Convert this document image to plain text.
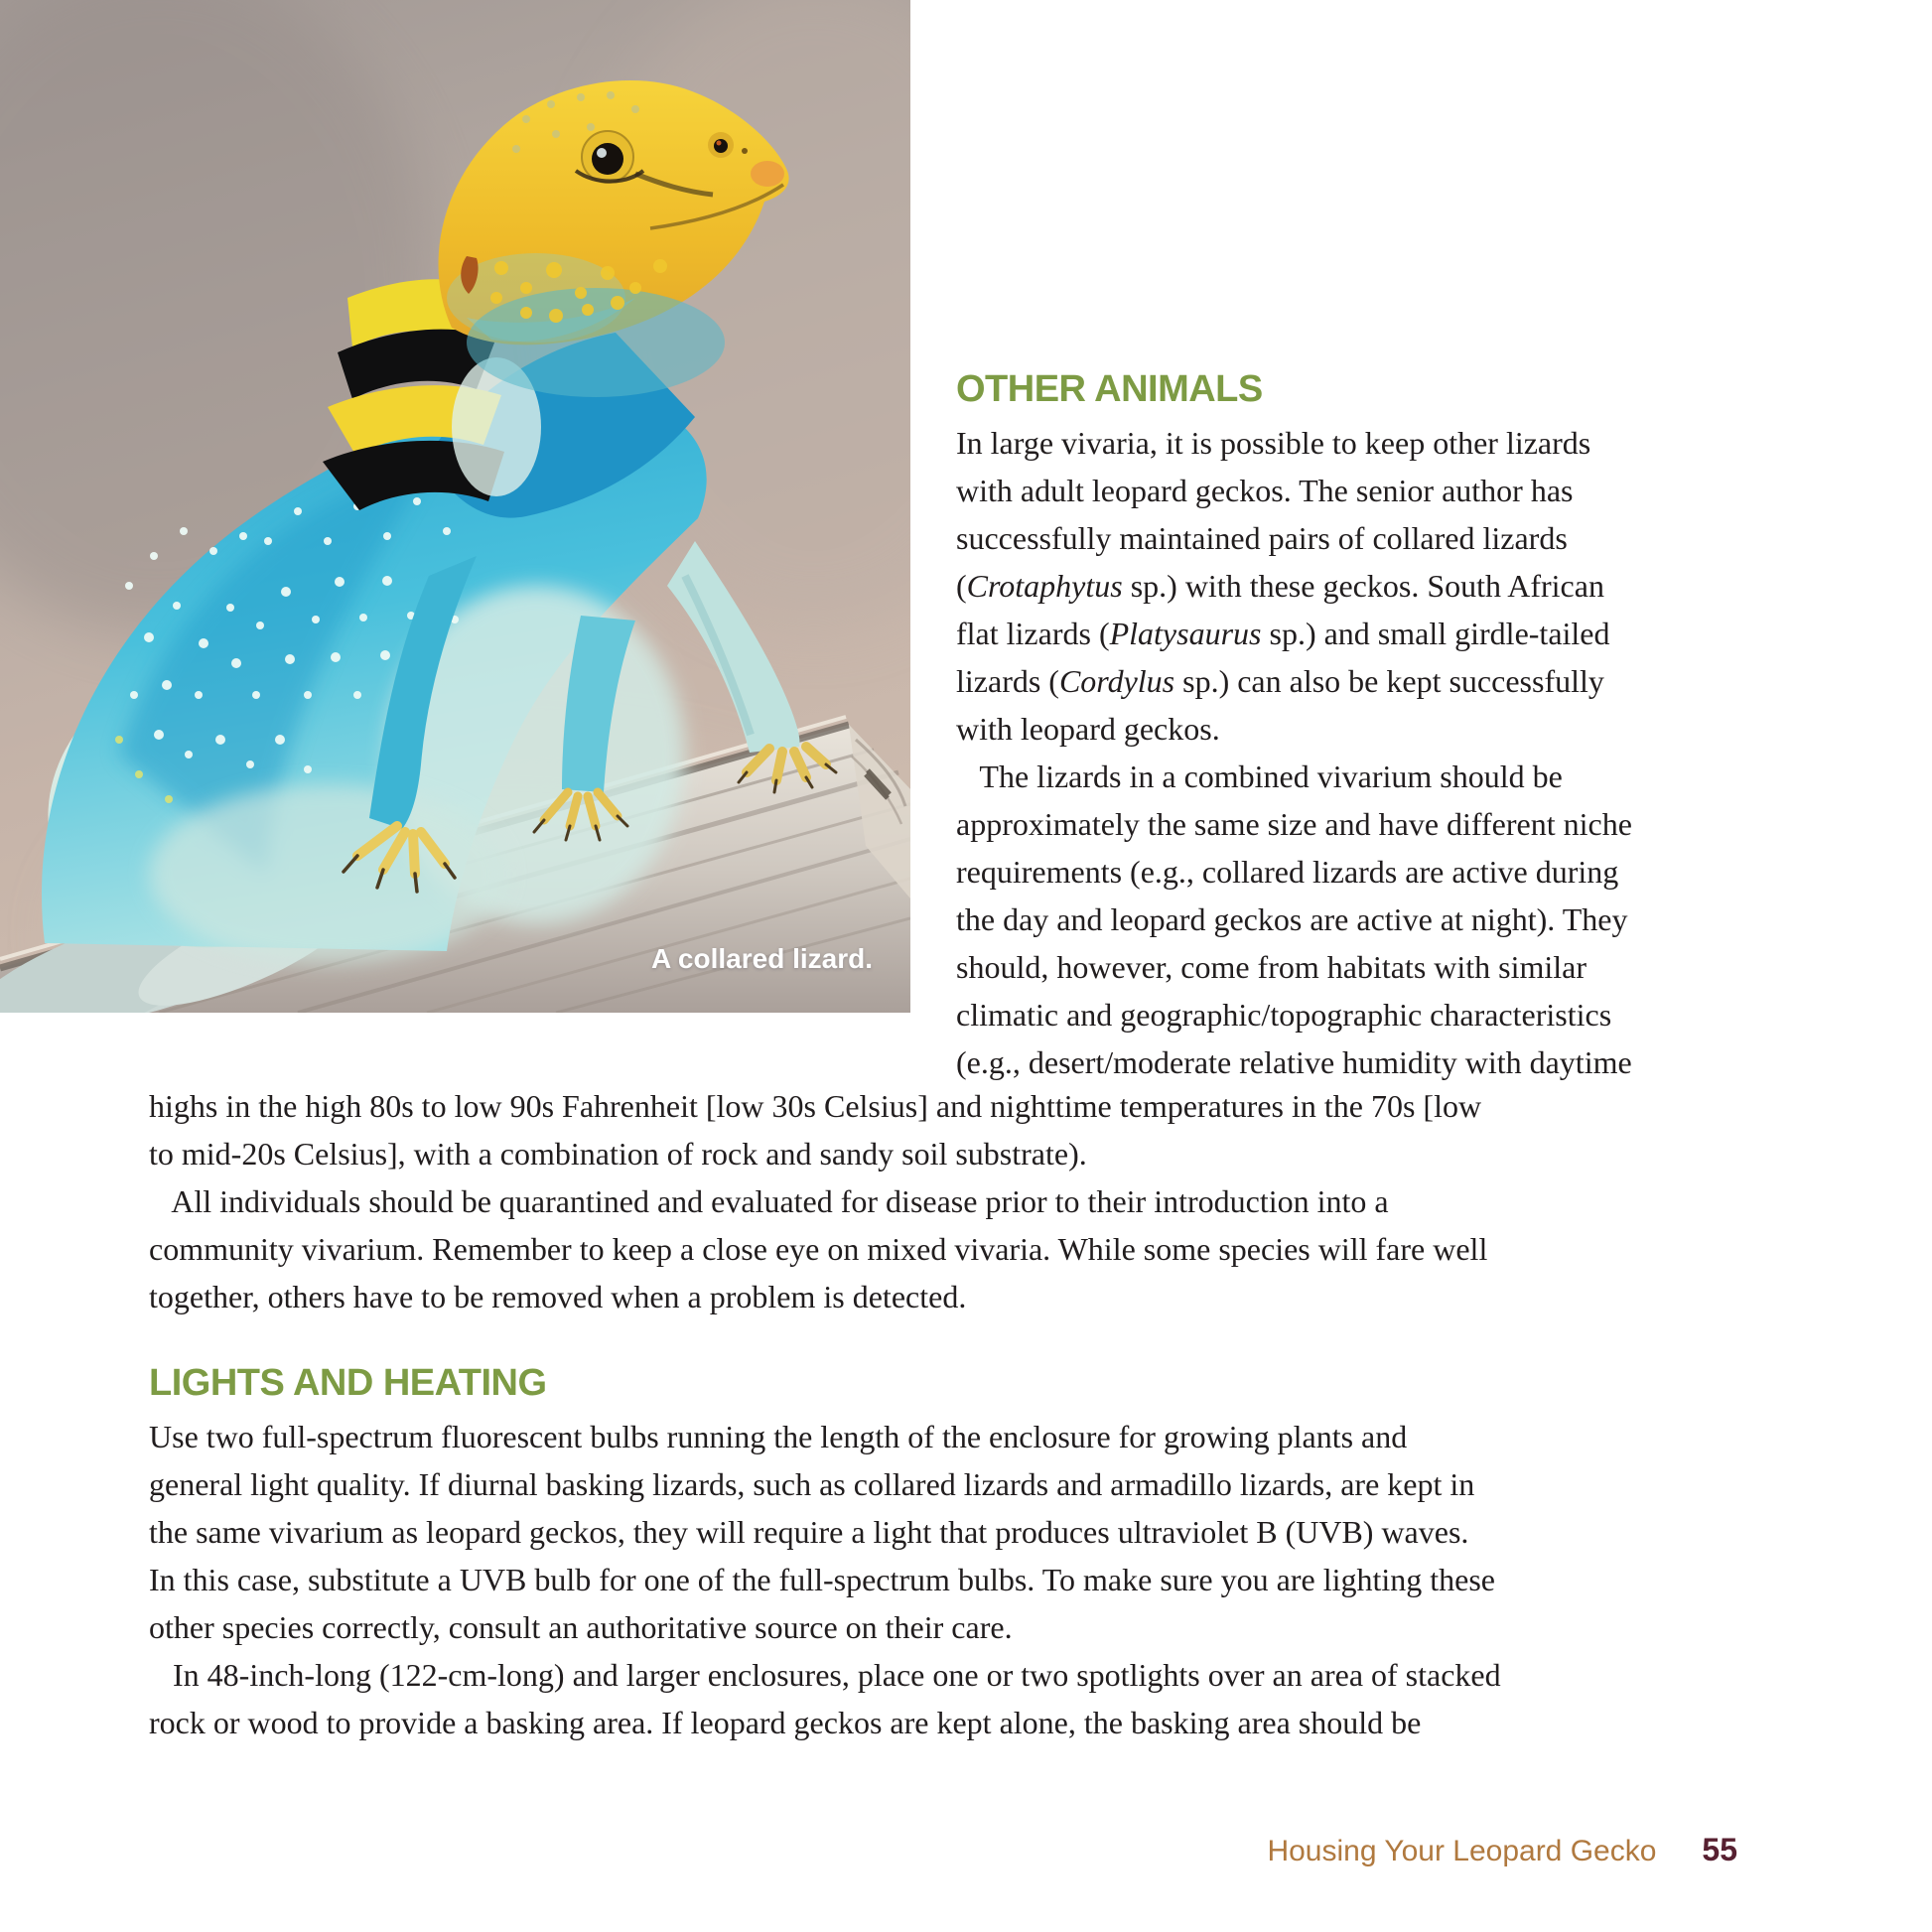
A collared lizard.
OTHER ANIMALS
In large vivaria, it is possible to keep other lizards
with adult leopard geckos. The senior author has
successfully maintained pairs of collared lizards
(Crotaphytus sp.) with these geckos. South African
flat lizards (Platysaurus sp.) and small girdle-tailed
lizards (Cordylus sp.) can also be kept successfully
with leopard geckos.
The lizards in a combined vivarium should be
approximately the same size and have different niche
requirements (e.g., collared lizards are active during
the day and leopard geckos are active at night). They
should, however, come from habitats with similar
climatic and geographic/topographic characteristics
(e.g., desert/moderate relative humidity with daytime
highs in the high 80s to low 90s Fahrenheit [low 30s Celsius] and nighttime temperatures in the 70s [low
to mid-20s Celsius], with a combination of rock and sandy soil substrate).
All individuals should be quarantined and evaluated for disease prior to their introduction into a
community vivarium. Remember to keep a close eye on mixed vivaria. While some species will fare well
together, others have to be removed when a problem is detected.
LIGHTS AND HEATING
Use two full-spectrum fluorescent bulbs running the length of the enclosure for growing plants and
general light quality. If diurnal basking lizards, such as collared lizards and armadillo lizards, are kept in
the same vivarium as leopard geckos, they will require a light that produces ultraviolet B (UVB) waves.
In this case, substitute a UVB bulb for one of the full-spectrum bulbs. To make sure you are lighting these
other species correctly, consult an authoritative source on their care.
In 48-inch-long (122-cm-long) and larger enclosures, place one or two spotlights over an area of stacked
rock or wood to provide a basking area. If leopard geckos are kept alone, the basking area should be
Housing Your Leopard Gecko 55
